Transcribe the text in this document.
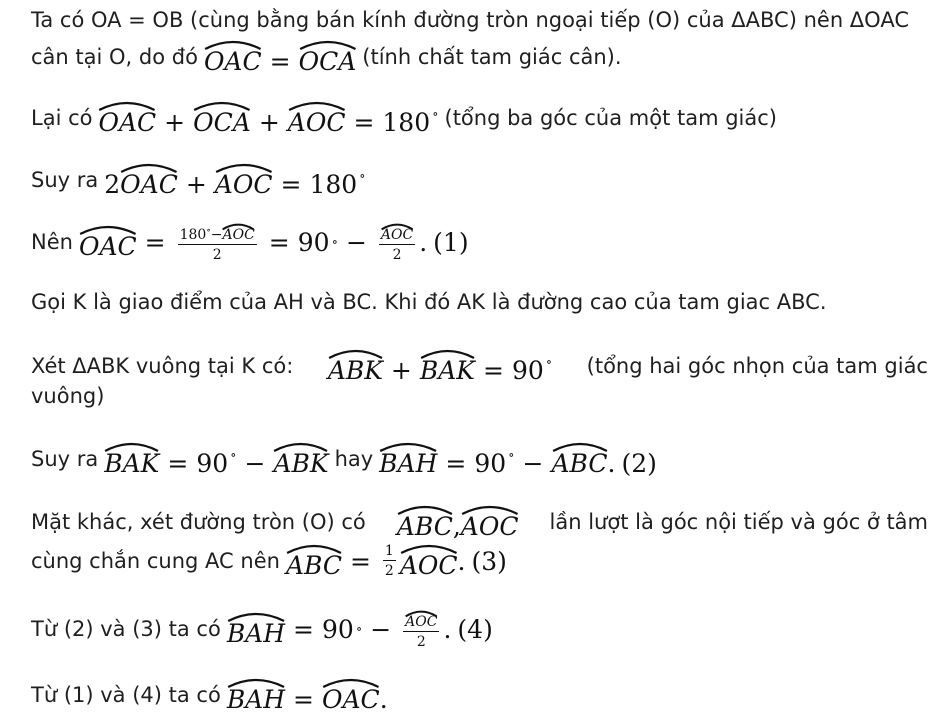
Ta có OA = OB (cùng bằng bán kính đường tròn ngoại tiếp (O) của ΔABC) nên ΔOAC
cân tại O, do đó OAC = OCA (tính chất tam giác cân).
Lại có OAC + OCA + AOC = 180 ∘ (tổng ba góc của một tam giác)
Suy ra 2
OAC + AOC = 180 ∘
Nên OAC = 180∘−
AOC
2 = 90 ∘ − $\frac{\text{AOC}}{2}$ . (1)
Gọi K là giao điểm của AH và BC. Khi đó AK là đường cao của tam giac ABC.
Xét ΔABK vuông tại K có: ABK + BAK = 90 ∘ (tổng hai góc nhọn của tam giác
vuông)
Suy ra BAK = 90 ∘ − ABK hay BAH = 90 ∘ − ABC. (2)
Mặt khác, xét đường tròn (O) có ABC,
AOC lần lượt là góc nội tiếp và góc ở tâm
cùng chắn cung AC nên ABC = $\frac{1}{2}$ AOC . (3)
Từ (2) và (3) ta có BAH = 90 ∘ − $\frac{\text{AOC}}{2}$ . (4)
Từ (1) và (4) ta có BAH = OAC.
